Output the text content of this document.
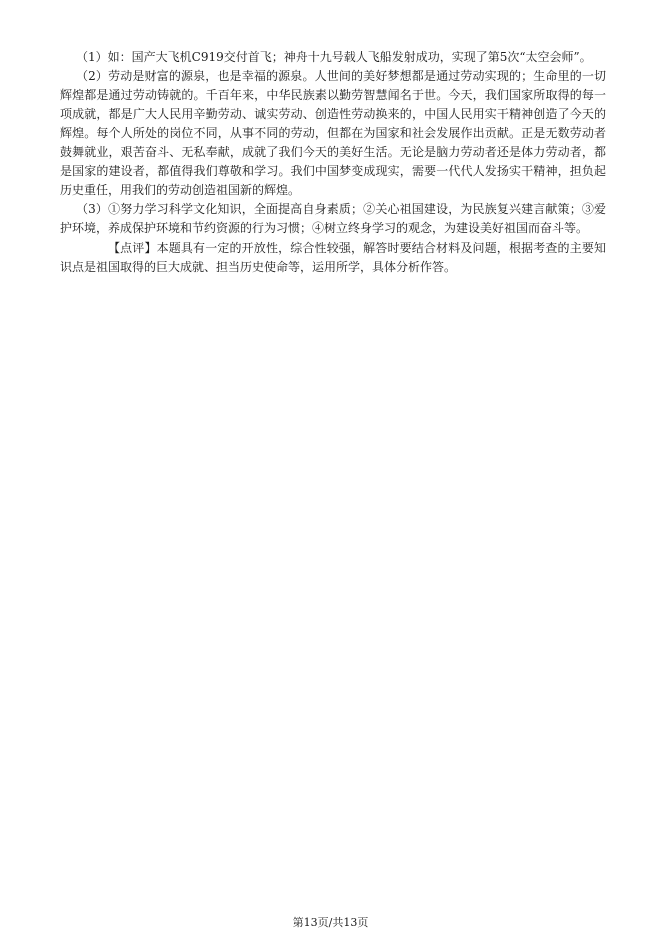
（1）如：国产大飞机C919交付首飞；神舟十九号载人飞船发射成功，实现了第5次“太空会师”。

（2）劳动是财富的源泉，也是幸福的源泉。人世间的美好梦想都是通过劳动实现的；生命里的一切辉煌都是通过劳动铸就的。千百年来，中华民族素以勤劳智慧闻名于世。今天，我们国家所取得的每一项成就，都是广大人民用辛勤劳动、诚实劳动、创造性劳动换来的，中国人民用实干精神创造了今天的辉煌。每个人所处的岗位不同，从事不同的劳动，但都在为国家和社会发展作出贡献。正是无数劳动者鼓舞就业，艰苦奋斗、无私奉献，成就了我们今天的美好生活。无论是脑力劳动者还是体力劳动者，都是国家的建设者，都值得我们尊敬和学习。我们中国梦变成现实，需要一代代人发扬实干精神，担负起历史重任，用我们的劳动创造祖国新的辉煌。

（3）①努力学习科学文化知识，全面提高自身素质；②关心祖国建设，为民族复兴建言献策；③爱护环境，养成保护环境和节约资源的行为习惯；④树立终身学习的观念，为建设美好祖国而奋斗等。

【点评】本题具有一定的开放性，综合性较强，解答时要结合材料及问题，根据考查的主要知识点是祖国取得的巨大成就、担当历史使命等，运用所学，具体分析作答。

第13页/共13页
